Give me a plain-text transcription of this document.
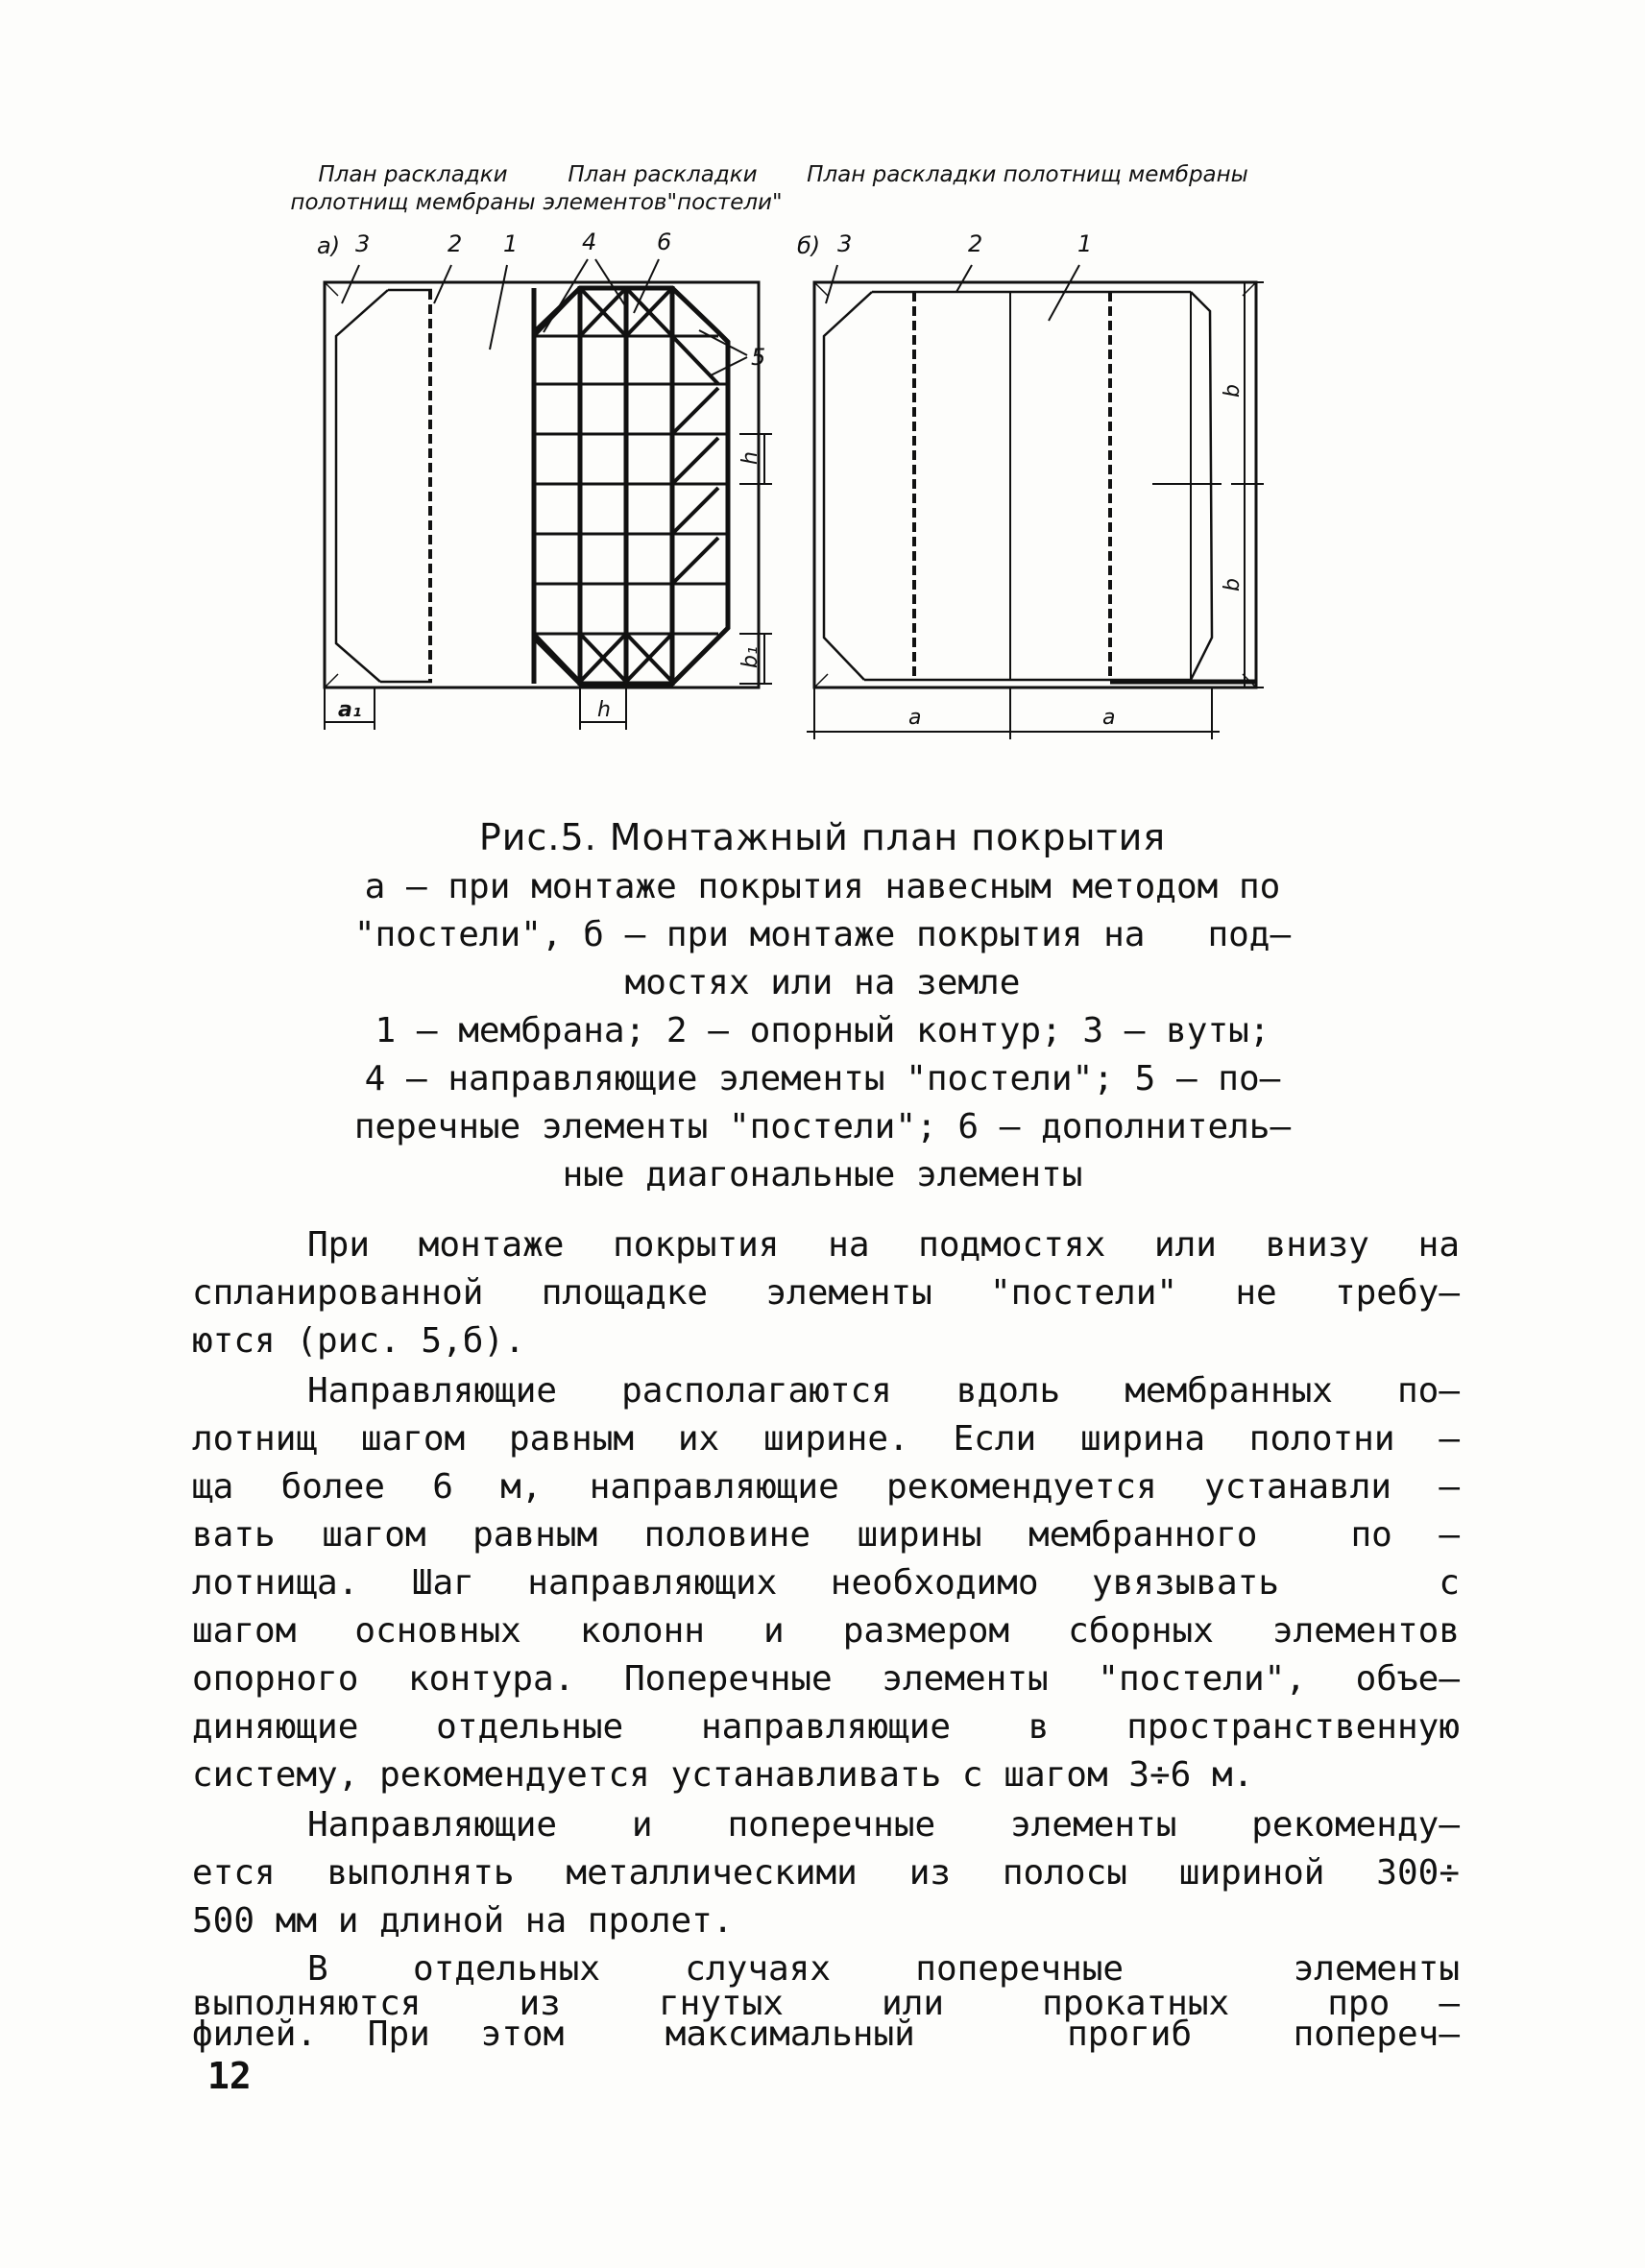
План раскладки
полотнищ мембраны

План раскладки
элементов"постели"

План раскладки полотнищ мембраны

а) 3	2 1	4	6
5
h
b₁
a₁	h
б) 3	2	1
b
b
a	a

Рис.5. Монтажный план покрытия

а – при монтаже покрытия навесным методом по

"постели", б – при монтаже покрытия на   под–

мостях или на земле

1 – мембрана; 2 – опорный контур; 3 – вуты;

4 – направляющие элементы "постели"; 5 – по–

перечные элементы "постели"; 6 – дополнитель–

ные диагональные элементы

При монтаже покрытия на подмостях или внизу на

спланированной площадке элементы "постели" не требу–

ются (рис. 5,б).

Направляющие располагаются вдоль мембранных по–

лотнищ шагом равным их ширине. Если ширина полотни –

ща более 6 м, направляющие рекомендуется устанавли –

вать шагом равным половине ширины мембранного  по –

лотнища. Шаг направляющих необходимо увязывать   с

шагом основных колонн и размером сборных элементов

опорного контура. Поперечные элементы "постели", объе–

диняющие отдельные направляющие в пространственную

систему, рекомендуется устанавливать с шагом 3÷6 м.

Направляющие и поперечные элементы рекоменду–

ется выполнять металлическими из полосы шириной 300÷

500 мм и длиной на пролет.

В  отдельных  случаях  поперечные    элементы

выполняются  из  гнутых  или  прокатных  про –

филей. При этом  максимальный   прогиб  попереч–

12
